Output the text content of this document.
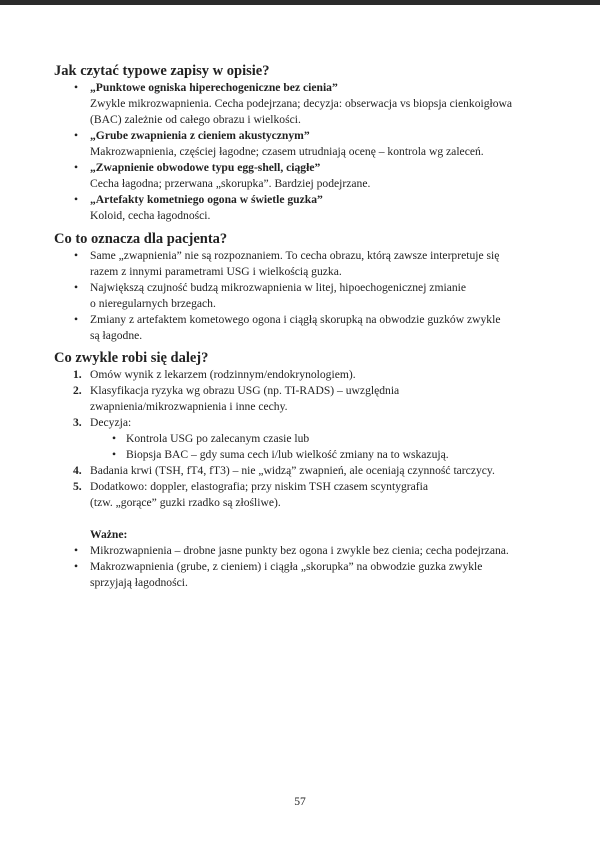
Jak czytać typowe zapisy w opisie?
• „Punktowe ogniska hiperechogeniczne bez cienia”
Zwykle mikrozwapnienia. Cecha podejrzana; decyzja: obserwacja vs biopsja cienkoigłowa
(BAC) zależnie od całego obrazu i wielkości.
• „Grube zwapnienia z cieniem akustycznym”
Makrozwapnienia, częściej łagodne; czasem utrudniają ocenę – kontrola wg zaleceń.
• „Zwapnienie obwodowe typu egg-shell, ciągłe”
Cecha łagodna; przerwana „skorupka”. Bardziej podejrzane.
• „Artefakty kometniego ogona w świetle guzka”
Koloid, cecha łagodności.
Co to oznacza dla pacjenta?
• Same „zwapnienia” nie są rozpoznaniem. To cecha obrazu, którą zawsze interpretuje się
razem z innymi parametrami USG i wielkością guzka.
• Największą czujność budzą mikrozwapnienia w litej, hipoechogenicznej zmianie
o nieregularnych brzegach.
• Zmiany z artefaktem kometowego ogona i ciągłą skorupką na obwodzie guzków zwykle
są łagodne.
Co zwykle robi się dalej?
1. Omów wynik z lekarzem (rodzinnym/endokrynologiem).
2. Klasyfikacja ryzyka wg obrazu USG (np. TI-RADS) – uwzględnia
zwapnienia/mikrozwapnienia i inne cechy.
3. Decyzja:
• Kontrola USG po zalecanym czasie lub
• Biopsja BAC – gdy suma cech i/lub wielkość zmiany na to wskazują.
4. Badania krwi (TSH, fT4, fT3) – nie „widzą” zwapnień, ale oceniają czynność tarczycy.
5. Dodatkowo: doppler, elastografia; przy niskim TSH czasem scyntygrafia
(tzw. „gorące” guzki rzadko są złośliwe).
Ważne:
• Mikrozwapnienia – drobne jasne punkty bez ogona i zwykle bez cienia; cecha podejrzana.
• Makrozwapnienia (grube, z cieniem) i ciągła „skorupka” na obwodzie guzka zwykle
sprzyjają łagodności.
57
